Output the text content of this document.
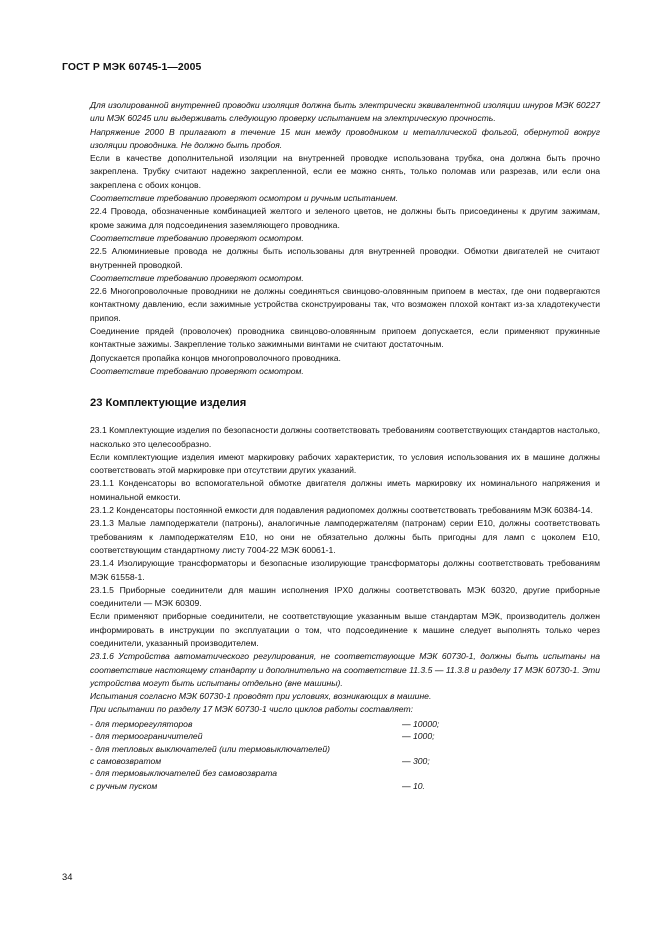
ГОСТ Р МЭК 60745-1—2005

Для изолированной внутренней проводки изоляция должна быть электрически эквивалентной изоляции шнуров МЭК 60227 или МЭК 60245 или выдерживать следующую проверку испытанием на электрическую прочность.

Напряжение 2000 В прилагают в течение 15 мин между проводником и металлической фольгой, обернутой вокруг изоляции проводника. Не должно быть пробоя.

Если в качестве дополнительной изоляции на внутренней проводке использована трубка, она должна быть прочно закреплена. Трубку считают надежно закрепленной, если ее можно снять, только поломав или разрезав, или если она закреплена с обоих концов.

Соответствие требованию проверяют осмотром и ручным испытанием.

22.4 Провода, обозначенные комбинацией желтого и зеленого цветов, не должны быть присоединены к другим зажимам, кроме зажима для подсоединения заземляющего проводника.

Соответствие требованию проверяют осмотром.

22.5 Алюминиевые провода не должны быть использованы для внутренней проводки. Обмотки двигателей не считают внутренней проводкой.

Соответствие требованию проверяют осмотром.

22.6 Многопроволочные проводники не должны соединяться свинцово-оловянным припоем в местах, где они подвергаются контактному давлению, если зажимные устройства сконструированы так, что возможен плохой контакт из-за хладотекучести припоя.

Соединение прядей (проволочек) проводника свинцово-оловянным припоем допускается, если применяют пружинные контактные зажимы. Закрепление только зажимными винтами не считают достаточным.

Допускается пропайка концов многопроволочного проводника.

Соответствие требованию проверяют осмотром.

23 Комплектующие изделия

23.1 Комплектующие изделия по безопасности должны соответствовать требованиям соответствующих стандартов настолько, насколько это целесообразно.

Если комплектующие изделия имеют маркировку рабочих характеристик, то условия использования их в машине должны соответствовать этой маркировке при отсутствии других указаний.

23.1.1 Конденсаторы во вспомогательной обмотке двигателя должны иметь маркировку их номинального напряжения и номинальной емкости.

23.1.2 Конденсаторы постоянной емкости для подавления радиопомех должны соответствовать требованиям МЭК 60384-14.

23.1.3 Малые ламподержатели (патроны), аналогичные ламподержателям (патронам) серии Е10, должны соответствовать требованиям к ламподержателям Е10, но они не обязательно должны быть пригодны для ламп с цоколем Е10, соответствующим стандартному листу 7004-22 МЭК 60061-1.

23.1.4 Изолирующие трансформаторы и безопасные изолирующие трансформаторы должны соответствовать требованиям МЭК 61558-1.

23.1.5 Приборные соединители для машин исполнения IPX0 должны соответствовать МЭК 60320, другие приборные соединители — МЭК 60309.

Если применяют приборные соединители, не соответствующие указанным выше стандартам МЭК, производитель должен информировать в инструкции по эксплуатации о том, что подсоединение к машине следует выполнять только через соединители, указанный производителем.

23.1.6 Устройства автоматического регулирования, не соответствующие МЭК 60730-1, должны быть испытаны на соответствие настоящему стандарту и дополнительно на соответствие 11.3.5 — 11.3.8 и разделу 17 МЭК 60730-1. Эти устройства могут быть испытаны отдельно (вне машины).

Испытания согласно МЭК 60730-1 проводят при условиях, возникающих в машине.

При испытании по разделу 17 МЭК 60730-1 число циклов работы составляет:

- для терморегуляторов	— 10000;
- для термоограничителей	— 1000;
- для тепловых выключателей (или термовыключателей)
с самовозвратом	— 300;
- для термовыключателей без самовозврата
с ручным пуском	— 10.
34
